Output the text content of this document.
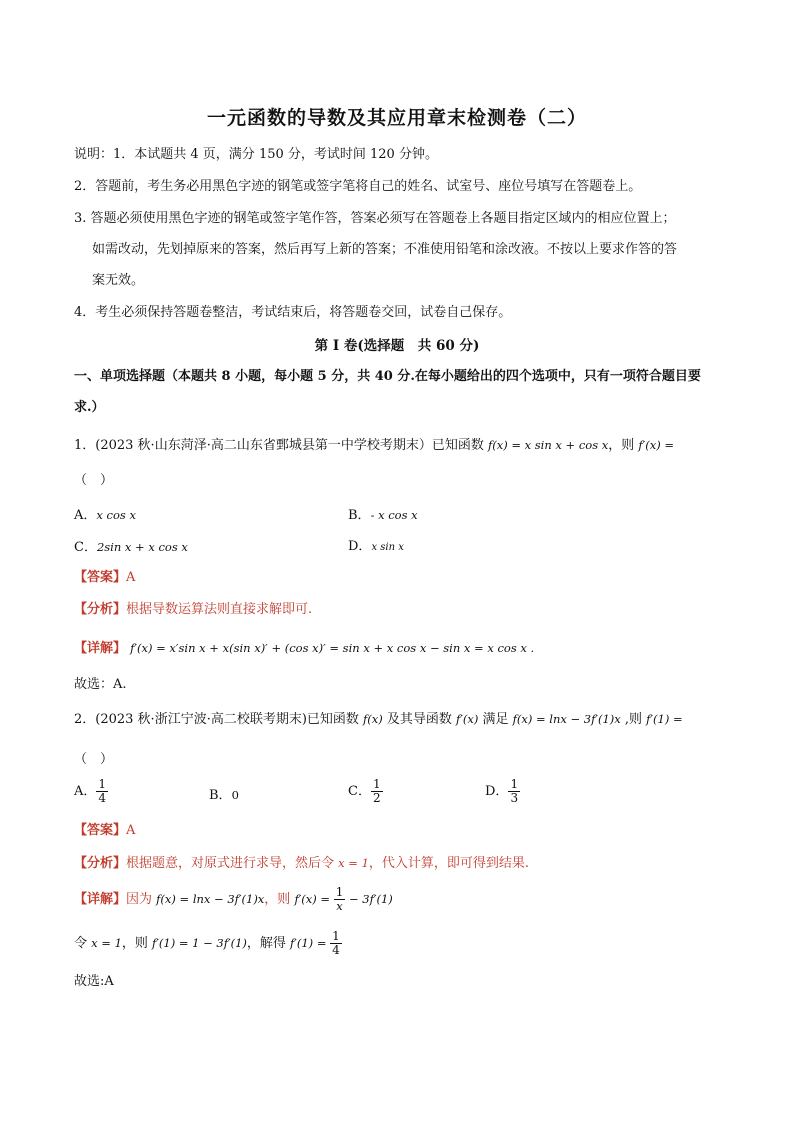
一元函数的导数及其应用章末检测卷（二）
说明：1．本试题共 4 页，满分 150 分，考试时间 120 分钟。
2．答题前，考生务必用黑色字迹的钢笔或签字笔将自己的姓名、试室号、座位号填写在答题卷上。
3. 答题必须使用黑色字迹的钢笔或签字笔作答，答案必须写在答题卷上各题目指定区域内的相应位置上；
如需改动，先划掉原来的答案，然后再写上新的答案；不准使用铅笔和涂改液。不按以上要求作答的答
案无效。
4．考生必须保持答题卷整洁，考试结束后，将答题卷交回，试卷自己保存。
第 I 卷(选择题　共 60 分)
一、单项选择题（本题共 8 小题，每小题 5 分，共 40 分.在每小题给出的四个选项中，只有一项符合题目要
求.）
1．(2023 秋·山东菏泽·高二山东省鄄城县第一中学校考期末）已知函数 f(x) = x sin x + cos x，则 f′(x) =
（　）
A．x cos x	B．- x cos x
C．2sin x + x cos x	D．x sin x
【答案】A
【分析】根据导数运算法则直接求解即可.
【详解】 f′(x) = x′sin x + x(sin x)′ + (cos x)′ = sin x + x cos x − sin x = x cos x .
故选：A.
2．(2023 秋·浙江宁波·高二校联考期末)已知函数 f(x) 及其导函数 f′(x) 满足 f(x) = lnx − 3f′(1)x ,则 f′(1) =
（　）
A． $\frac{1}{4}$	B．0	C． $\frac{1}{2}$	D． $\frac{1}{3}$
【答案】A
【分析】根据题意，对原式进行求导，然后令 x = 1，代入计算，即可得到结果.
【详解】因为 f(x) = lnx − 3f′(1)x，则 $f'(x) = \frac{1}{x} - 3f'(1)$
令 x = 1，则 f′(1) = 1 − 3f′(1)，解得 $f'(1) = \frac{1}{4}$
故选:A
